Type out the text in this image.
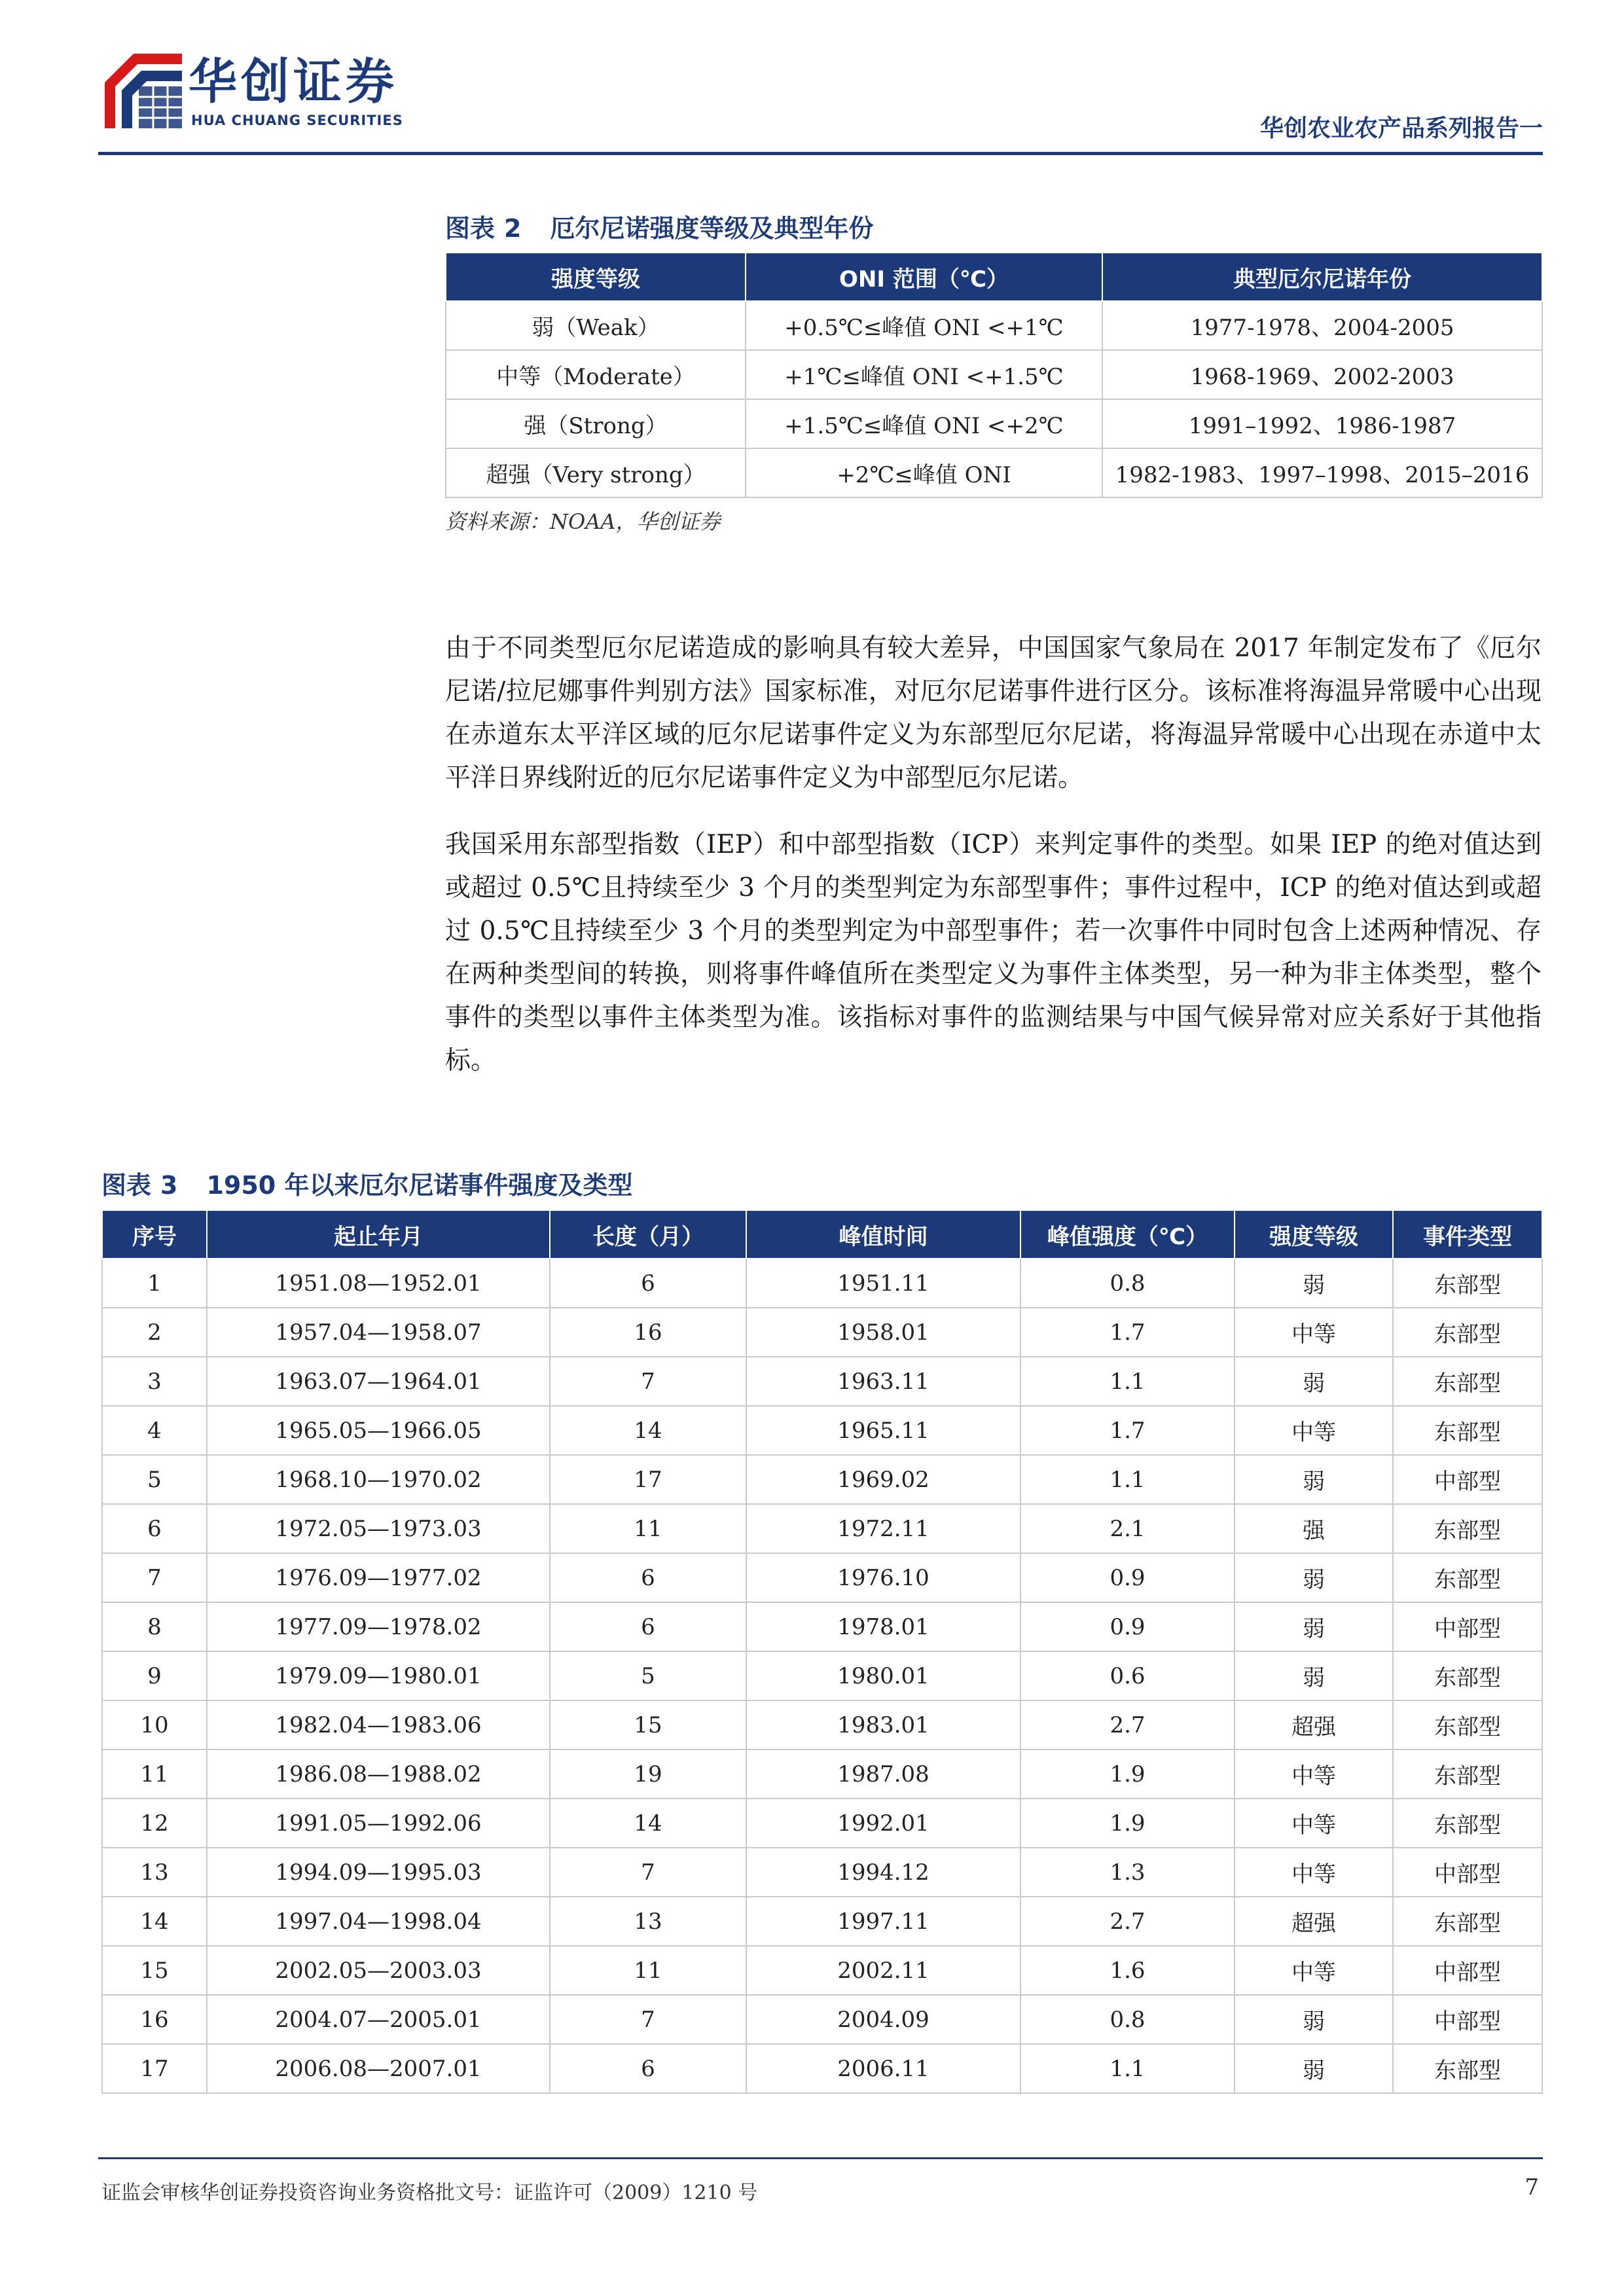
华创证券
HUA CHUANG SECURITIES	华创农业农产品系列报告一
图表 2 厄尔尼诺强度等级及典型年份
强度等级	ONI 范围（℃）	典型厄尔尼诺年份
弱（Weak）	+0.5℃≤峰值 ONI <+1℃	1977-1978、2004-2005
中等（Moderate）	+1℃≤峰值 ONI <+1.5℃	1968-1969、2002-2003
强（Strong）	+1.5℃≤峰值 ONI <+2℃	1991–1992、1986-1987
超强（Very strong）	+2℃≤峰值 ONI	1982-1983、1997–1998、2015–2016
资料来源：NOAA，华创证券

由于不同类型厄尔尼诺造成的影响具有较大差异，中国国家气象局在 2017 年制定发布了《厄尔尼诺/拉尼娜事件判别方法》国家标准，对厄尔尼诺事件进行区分。该标准将海温异常暖中心出现在赤道东太平洋区域的厄尔尼诺事件定义为东部型厄尔尼诺，将海温异常暖中心出现在赤道中太平洋日界线附近的厄尔尼诺事件定义为中部型厄尔尼诺。

我国采用东部型指数（IEP）和中部型指数（ICP）来判定事件的类型。如果 IEP 的绝对值达到或超过 0.5℃且持续至少 3 个月的类型判定为东部型事件；事件过程中，ICP 的绝对值达到或超过 0.5℃且持续至少 3 个月的类型判定为中部型事件；若一次事件中同时包含上述两种情况、存在两种类型间的转换，则将事件峰值所在类型定义为事件主体类型，另一种为非主体类型，整个事件的类型以事件主体类型为准。该指标对事件的监测结果与中国气候异常对应关系好于其他指标。

图表 3 1950 年以来厄尔尼诺事件强度及类型
序号	起止年月	长度（月）	峰值时间	峰值强度（℃）	强度等级	事件类型
1	1951.08—1952.01	6	1951.11	0.8	弱	东部型
2	1957.04—1958.07	16	1958.01	1.7	中等	东部型
3	1963.07—1964.01	7	1963.11	1.1	弱	东部型
4	1965.05—1966.05	14	1965.11	1.7	中等	东部型
5	1968.10—1970.02	17	1969.02	1.1	弱	中部型
6	1972.05—1973.03	11	1972.11	2.1	强	东部型
7	1976.09—1977.02	6	1976.10	0.9	弱	东部型
8	1977.09—1978.02	6	1978.01	0.9	弱	中部型
9	1979.09—1980.01	5	1980.01	0.6	弱	东部型
10	1982.04—1983.06	15	1983.01	2.7	超强	东部型
11	1986.08—1988.02	19	1987.08	1.9	中等	东部型
12	1991.05—1992.06	14	1992.01	1.9	中等	东部型
13	1994.09—1995.03	7	1994.12	1.3	中等	中部型
14	1997.04—1998.04	13	1997.11	2.7	超强	东部型
15	2002.05—2003.03	11	2002.11	1.6	中等	中部型
16	2004.07—2005.01	7	2004.09	0.8	弱	中部型
17	2006.08—2007.01	6	2006.11	1.1	弱	东部型
证监会审核华创证券投资咨询业务资格批文号：证监许可（2009）1210 号	7
